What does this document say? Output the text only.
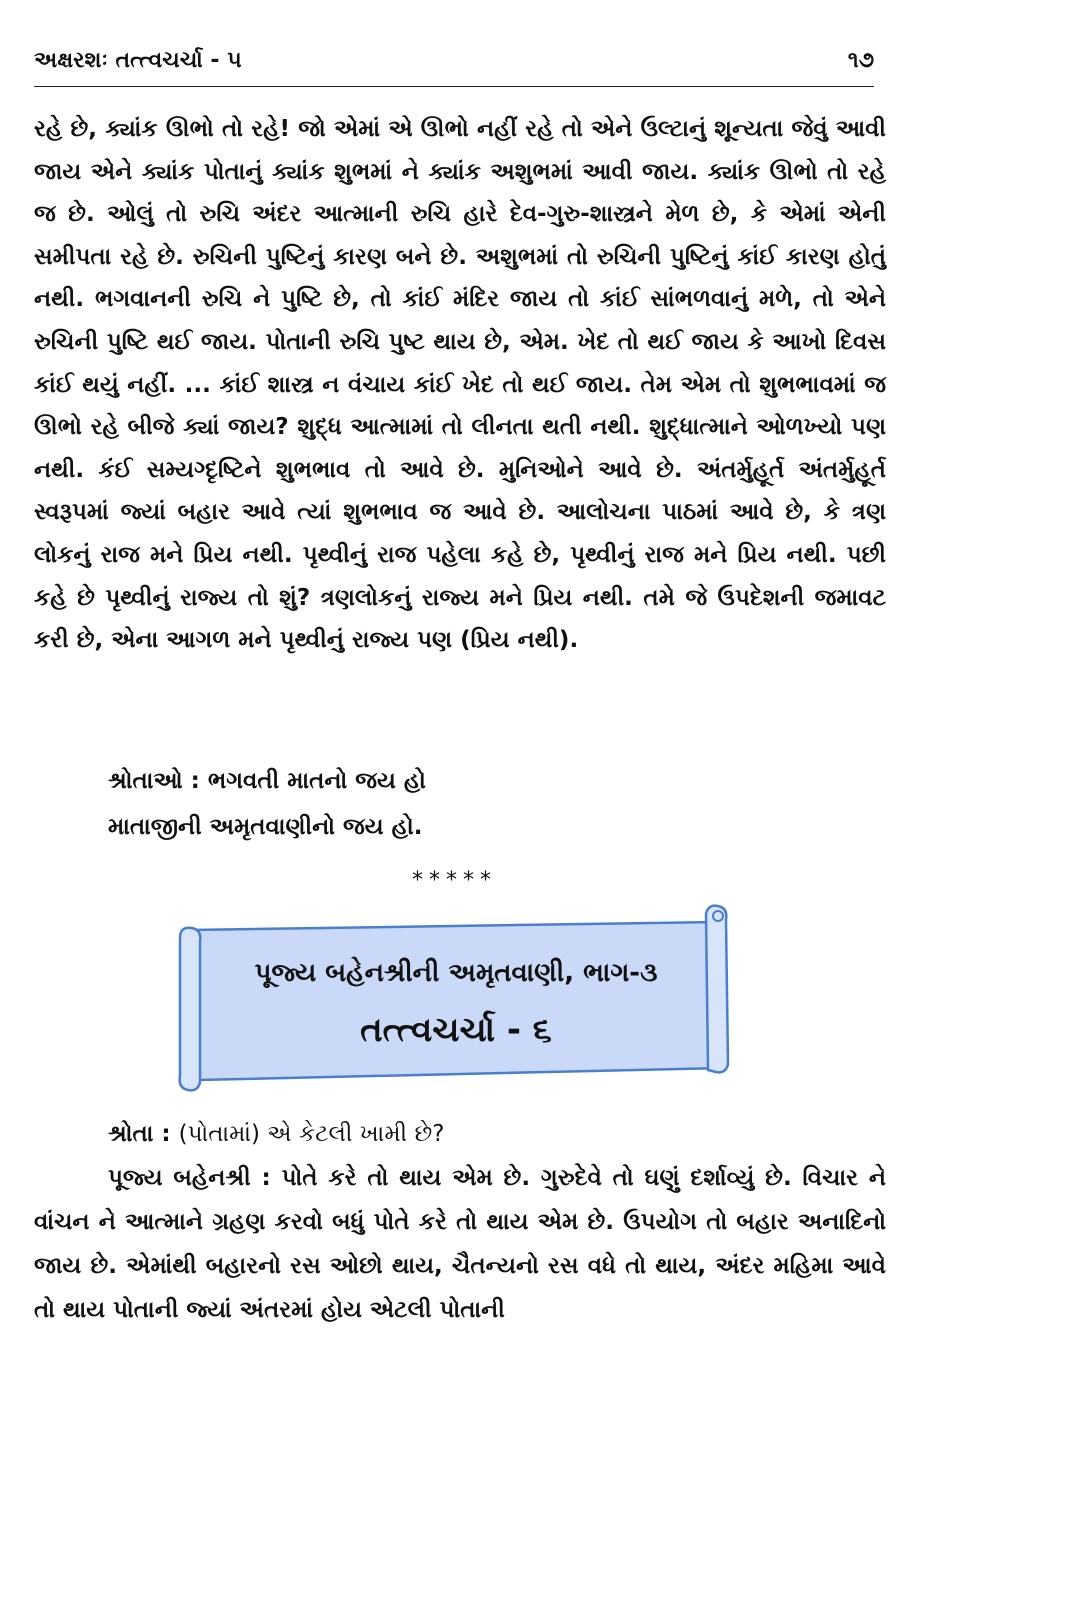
અક્ષરશઃ તત્ત્વચર્ચા - ૫	૧૭

રહે છે, ક્યાંક ઊભો તો રહે! જો એમાં એ ઊભો નહીં રહે તો એને ઉલ્ટાનું શૂન્યતા જેવું આવી જાય એને ક્યાંક પોતાનું ક્યાંક શુભમાં ને ક્યાંક અશુભમાં આવી જાય. ક્યાંક ઊભો તો રહે જ છે. ઓલું તો રુચિ અંદર આત્માની રુચિ હારે દેવ-ગુરુ-શાસ્ત્રને મેળ છે, કે એમાં એની સમીપતા રહે છે. રુચિની પુષ્ટિનું કારણ બને છે. અશુભમાં તો રુચિની પુષ્ટિનું કાંઈ કારણ હોતું નથી. ભગવાનની રુચિ ને પુષ્ટિ છે, તો કાંઈ મંદિર જાય તો કાંઈ સાંભળવાનું મળે, તો એને રુચિની પુષ્ટિ થઈ જાય. પોતાની રુચિ પુષ્ટ થાય છે, એમ. ખેદ તો થઈ જાય કે આખો દિવસ કાંઈ થયું નહીં. ... કાંઈ શાસ્ત્ર ન વંચાય કાંઈ ખેદ તો થઈ જાય. તેમ એમ તો શુભભાવમાં જ ઊભો રહે બીજે ક્યાં જાય? શુદ્ધ આત્મામાં તો લીનતા થતી નથી. શુદ્ધાત્માને ઓળખ્યો પણ નથી. કંઈ સમ્યગ્દૃષ્ટિને શુભભાવ તો આવે છે. મુનિઓને આવે છે. અંતર્મુહૂર્ત અંતર્મુહૂર્ત સ્વરૂપમાં જ્યાં બહાર આવે ત્યાં શુભભાવ જ આવે છે. આલોચના પાઠમાં આવે છે, કે ત્રણ લોકનું રાજ મને પ્રિય નથી. પૃથ્વીનું રાજ પહેલા કહે છે, પૃથ્વીનું રાજ મને પ્રિય નથી. પછી કહે છે પૃથ્વીનું રાજ્ય તો શું? ત્રણલોકનું રાજ્ય મને પ્રિય નથી. તમે જે ઉપદેશની જમાવટ કરી છે, એના આગળ મને પૃથ્વીનું રાજ્ય પણ (પ્રિય નથી).

શ્રોતાઓ : ભગવતી માતનો જય હો
માતાજીની અમૃતવાણીનો જય હો.
*****
પૂજ્ય બહેનશ્રીની અમૃતવાણી, ભાગ-૩
તત્ત્વચર્ચા - ૬
શ્રોતા : (પોતામાં) એ કેટલી ખામી છે?
પૂજ્ય બહેનશ્રી : પોતે કરે તો થાય એમ છે. ગુરુદેવે તો ઘણું દર્શાવ્યું છે. વિચાર ને વાંચન ને આત્માને ગ્રહણ કરવો બધું પોતે કરે તો થાય એમ છે. ઉપયોગ તો બહાર અનાદિનો જાય છે. એમાંથી બહારનો રસ ઓછો થાય, ચૈતન્યનો રસ વધે તો થાય, અંદર મહિમા આવે તો થાય પોતાની જ્યાં અંતરમાં હોય એટલી પોતાની
